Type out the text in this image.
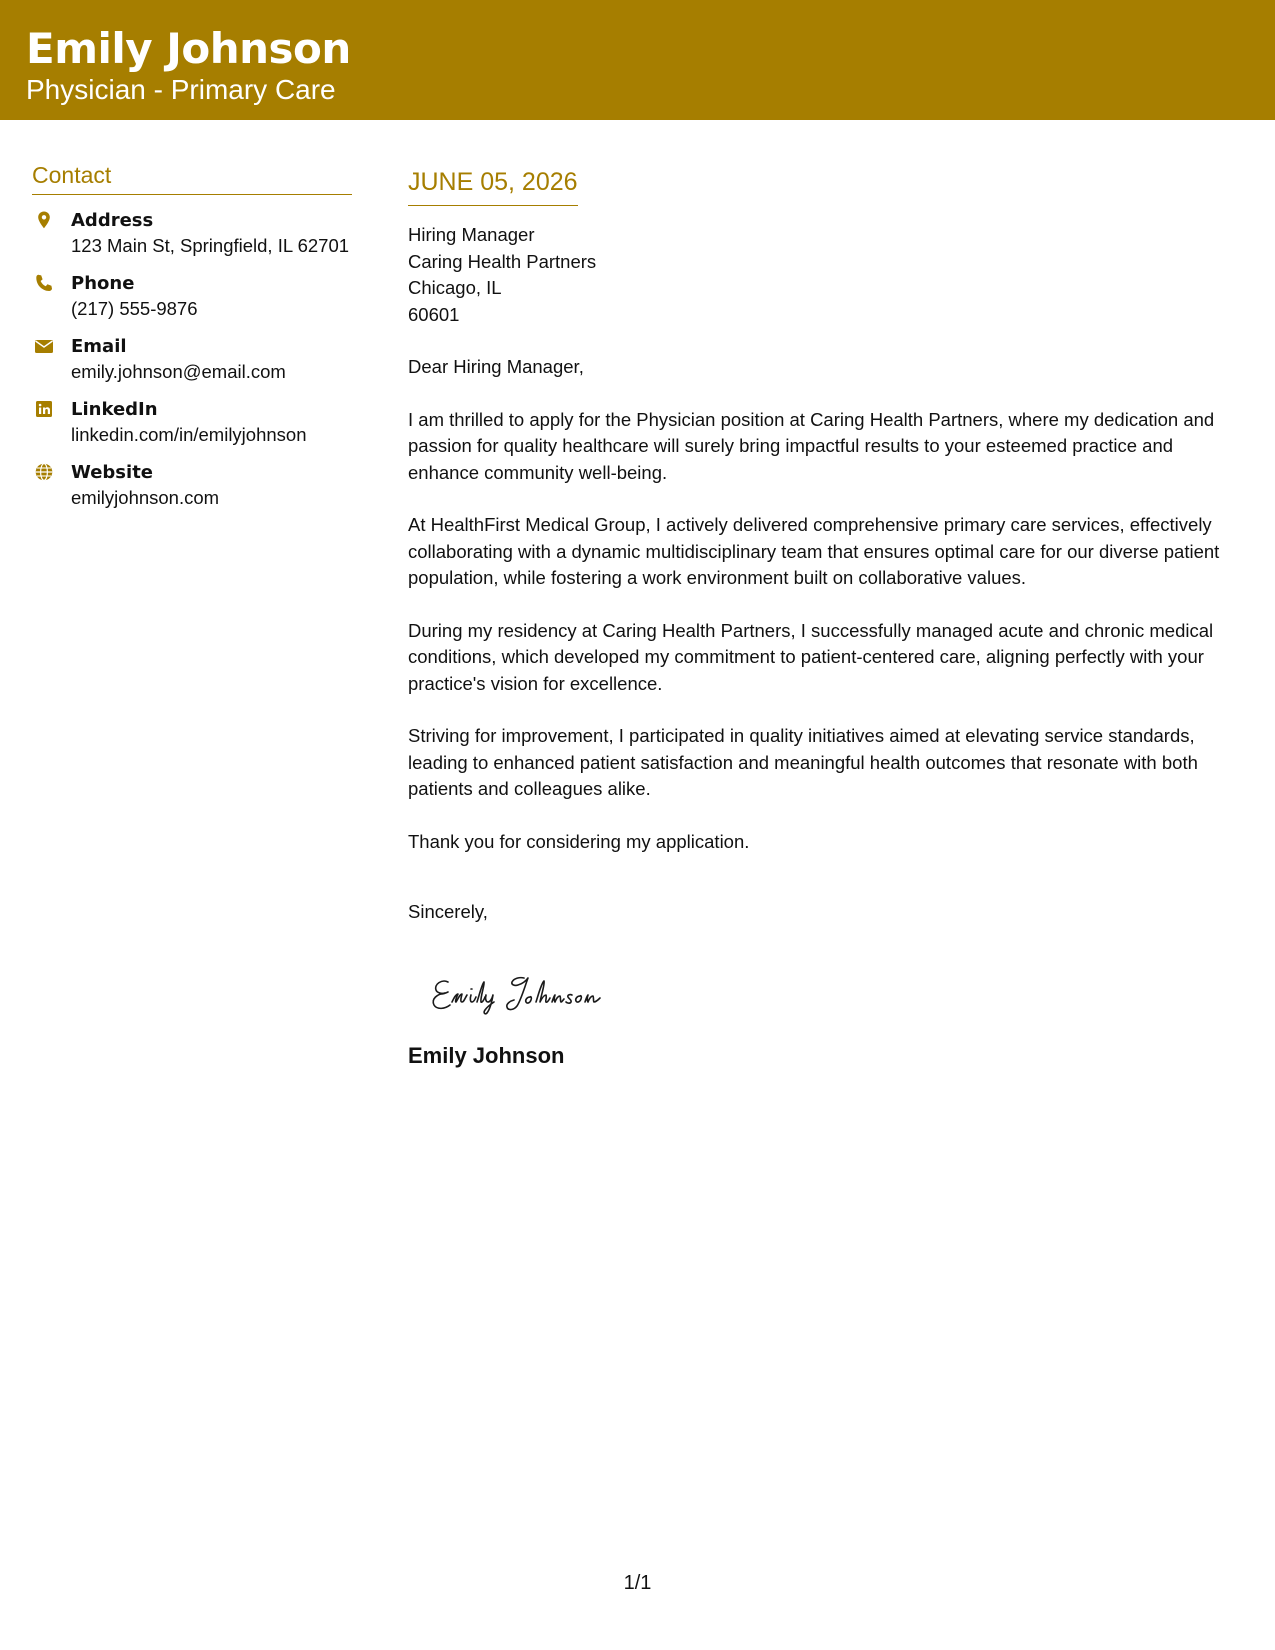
Emily Johnson
Physician - Primary Care
Contact
Address
123 Main St, Springfield, IL 62701
Phone
(217) 555-9876
Email
emily.johnson@email.com
LinkedIn
linkedin.com/in/emilyjohnson
Website
emilyjohnson.com
JUNE 05, 2026
Hiring Manager
Caring Health Partners
Chicago, IL
60601

Dear Hiring Manager,

I am thrilled to apply for the Physician position at Caring Health Partners, where my dedication and passion for quality healthcare will surely bring impactful results to your esteemed practice and enhance community well-being.

At HealthFirst Medical Group, I actively delivered comprehensive primary care services, effectively collaborating with a dynamic multidisciplinary team that ensures optimal care for our diverse patient population, while fostering a work environment built on collaborative values.

During my residency at Caring Health Partners, I successfully managed acute and chronic medical conditions, which developed my commitment to patient-centered care, aligning perfectly with your practice's vision for excellence.

Striving for improvement, I participated in quality initiatives aimed at elevating service standards, leading to enhanced patient satisfaction and meaningful health outcomes that resonate with both patients and colleagues alike.

Thank you for considering my application.

Sincerely,

Emily Johnson
1/1
